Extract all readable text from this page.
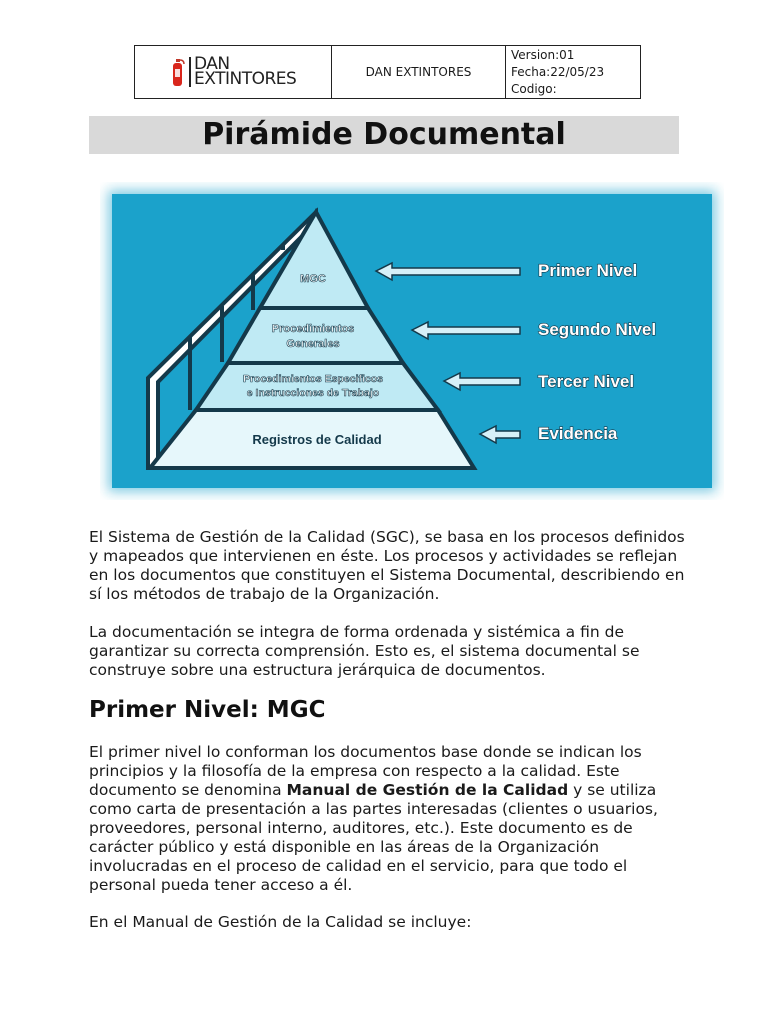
DAN
EXTINTORES	DAN EXTINTORES	
Version:01
Fecha:22/05/23
Codigo:
Pirámide Documental
MGC
Procedimientos
Generales
Procedimientos Especificos
e Instrucciones de Trabajo
Registros de Calidad
Primer Nivel
Segundo Nivel
Tercer Nivel
Evidencia

El Sistema de Gestión de la Calidad (SGC), se basa en los procesos definidos
y mapeados que intervienen en éste. Los procesos y actividades se reflejan
en los documentos que constituyen el Sistema Documental, describiendo en
sí los métodos de trabajo de la Organización.

La documentación se integra de forma ordenada y sistémica a fin de
garantizar su correcta comprensión. Esto es, el sistema documental se
construye sobre una estructura jerárquica de documentos.

Primer Nivel: MGC

El primer nivel lo conforman los documentos base donde se indican los
principios y la filosofía de la empresa con respecto a la calidad. Este
documento se denomina Manual de Gestión de la Calidad y se utiliza
como carta de presentación a las partes interesadas (clientes o usuarios,
proveedores, personal interno, auditores, etc.). Este documento es de
carácter público y está disponible en las áreas de la Organización
involucradas en el proceso de calidad en el servicio, para que todo el
personal pueda tener acceso a él.

En el Manual de Gestión de la Calidad se incluye:
